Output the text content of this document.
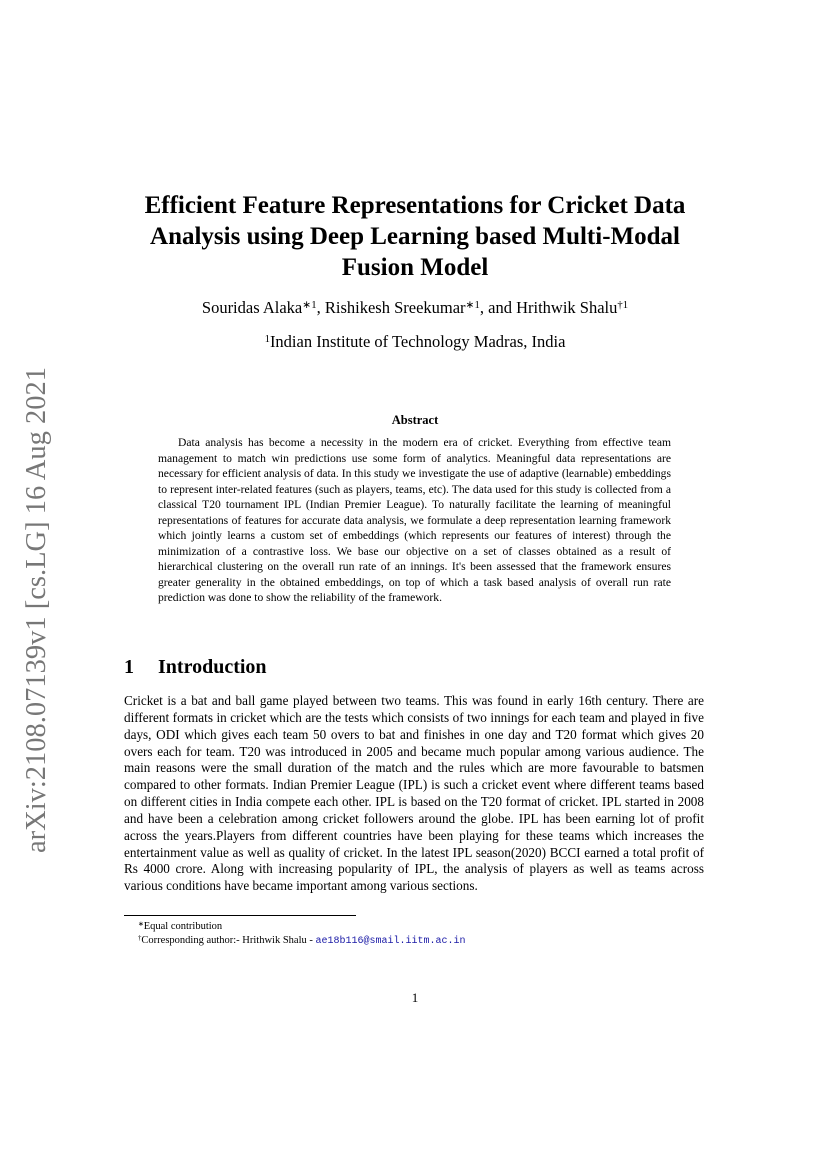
arXiv:2108.07139v1 [cs.LG] 16 Aug 2021
Efficient Feature Representations for Cricket Data Analysis using Deep Learning based Multi-Modal Fusion Model
Souridas Alaka$^{∗1}$, Rishikesh Sreekumar$^{∗1}$, and Hrithwik Shalu$^{\dagger 1}$
$^1$Indian Institute of Technology Madras, India
Abstract

Data analysis has become a necessity in the modern era of cricket. Everything from effective team management to match win predictions use some form of analytics. Meaningful data representations are necessary for efficient analysis of data. In this study we investigate the use of adaptive (learnable) embeddings to represent inter-related features (such as players, teams, etc). The data used for this study is collected from a classical T20 tournament IPL (Indian Premier League). To naturally facilitate the learning of meaningful representations of features for accurate data analysis, we formulate a deep representation learning framework which jointly learns a custom set of embeddings (which represents our features of interest) through the minimization of a contrastive loss. We base our objective on a set of classes obtained as a result of hierarchical clustering on the overall run rate of an innings. It's been assessed that the framework ensures greater generality in the obtained embeddings, on top of which a task based analysis of overall run rate prediction was done to show the reliability of the framework.

1 Introduction

Cricket is a bat and ball game played between two teams. This was found in early 16th century. There are different formats in cricket which are the tests which consists of two innings for each team and played in five days, ODI which gives each team 50 overs to bat and finishes in one day and T20 format which gives 20 overs each for team. T20 was introduced in 2005 and became much popular among various audience. The main reasons were the small duration of the match and the rules which are more favourable to batsmen compared to other formats. Indian Premier League (IPL) is such a cricket event where different teams based on different cities in India compete each other. IPL is based on the T20 format of cricket. IPL started in 2008 and have been a celebration among cricket followers around the globe. IPL has been earning lot of profit across the years.Players from different countries have been playing for these teams which increases the entertainment value as well as quality of cricket. In the latest IPL season(2020) BCCI earned a total profit of Rs 4000 crore. Along with increasing popularity of IPL, the analysis of players as well as teams across various conditions have became important among various sections.

∗Equal contribution
†Corresponding author:- Hrithwik Shalu - ae18b116@smail.iitm.ac.in
1
